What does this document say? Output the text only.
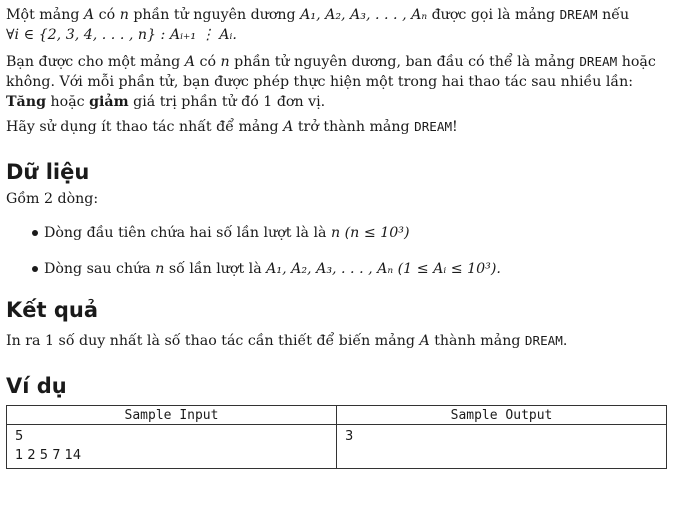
Một mảng A có n phần tử nguyên dương A₁, A₂, A₃, . . . , Aₙ được gọi là mảng DREAM nếu
∀i ∈ {2, 3, 4, . . . , n} : Aᵢ₊₁ ⋮ Aᵢ.

Bạn được cho một mảng A có n phần tử nguyên dương, ban đầu có thể là mảng DREAM hoặc
không. Với mỗi phần tử, bạn được phép thực hiện một trong hai thao tác sau nhiều lần:
Tăng hoặc giảm giá trị phần tử đó 1 đơn vị.

Hãy sử dụng ít thao tác nhất để mảng A trở thành mảng DREAM!

Dữ liệu

Gồm 2 dòng:

Dòng đầu tiên chứa hai số lần lượt là là n (n ≤ 10³)
Dòng sau chứa n số lần lượt là A₁, A₂, A₃, . . . , Aₙ (1 ≤ Aᵢ ≤ 10³).
Kết quả

In ra 1 số duy nhất là số thao tác cần thiết để biến mảng A thành mảng DREAM.

Ví dụ
Sample Input	Sample Output

5
1 2 5 7 14	3
